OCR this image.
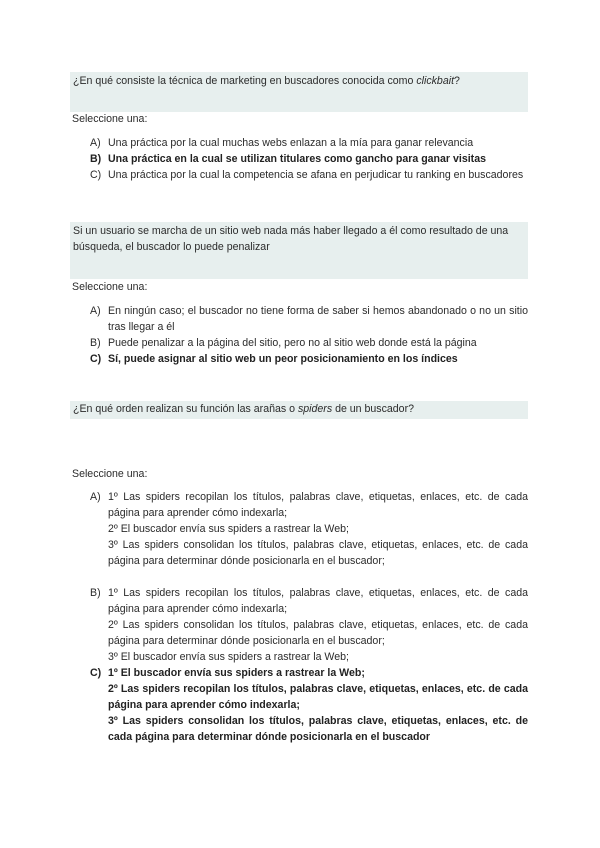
¿En qué consiste la técnica de marketing en buscadores conocida como clickbait?
Seleccione una:
A) Una práctica por la cual muchas webs enlazan a la mía para ganar relevancia
B) Una práctica en la cual se utilizan titulares como gancho para ganar visitas
C) Una práctica por la cual la competencia se afana en perjudicar tu ranking en buscadores
Si un usuario se marcha de un sitio web nada más haber llegado a él como resultado de una búsqueda, el buscador lo puede penalizar
Seleccione una:
A) En ningún caso; el buscador no tiene forma de saber si hemos abandonado o no un sitio tras llegar a él
B) Puede penalizar a la página del sitio, pero no al sitio web donde está la página
C) Sí, puede asignar al sitio web un peor posicionamiento en los índices
¿En qué orden realizan su función las arañas o spiders de un buscador?
Seleccione una:
A) 1º Las spiders recopilan los títulos, palabras clave, etiquetas, enlaces, etc. de cada página para aprender cómo indexarla;
2º El buscador envía sus spiders a rastrear la Web;
3º Las spiders consolidan los títulos, palabras clave, etiquetas, enlaces, etc. de cada página para determinar dónde posicionarla en el buscador;
B) 1º Las spiders recopilan los títulos, palabras clave, etiquetas, enlaces, etc. de cada página para aprender cómo indexarla;
2º Las spiders consolidan los títulos, palabras clave, etiquetas, enlaces, etc. de cada página para determinar dónde posicionarla en el buscador;
3º El buscador envía sus spiders a rastrear la Web;
C) 1º El buscador envía sus spiders a rastrear la Web;
2º Las spiders recopilan los títulos, palabras clave, etiquetas, enlaces, etc. de cada página para aprender cómo indexarla;
3º Las spiders consolidan los títulos, palabras clave, etiquetas, enlaces, etc. de cada página para determinar dónde posicionarla en el buscador
